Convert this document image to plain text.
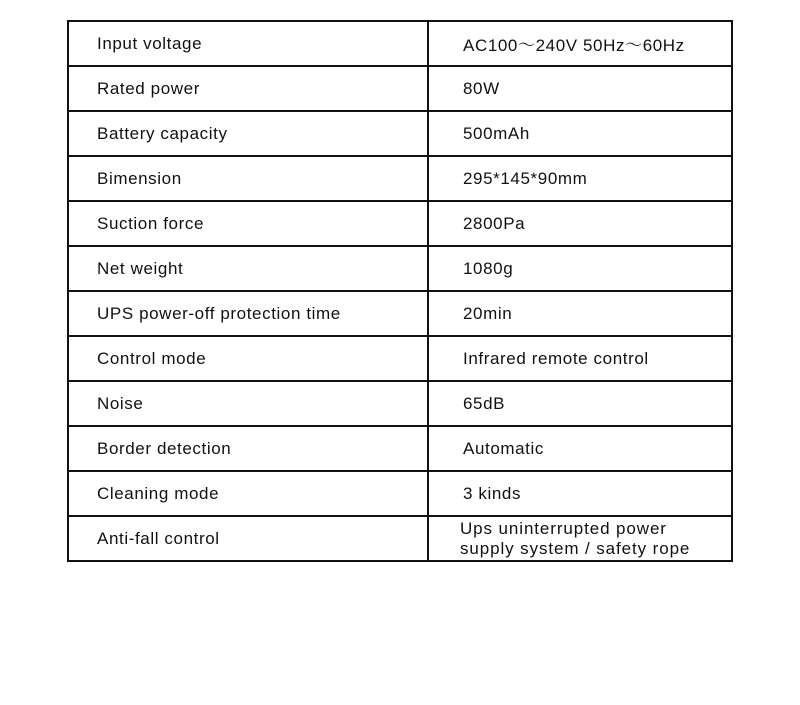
Input voltage	AC100～240V 50Hz～60Hz
Rated power	80W
Battery capacity	500mAh
Bimension	295*145*90mm
Suction force	2800Pa
Net weight	1080g
UPS power-off protection time	20min
Control mode	Infrared remote control
Noise	65dB
Border detection	Automatic
Cleaning mode	3 kinds
Anti-fall control	Ups uninterrupted power
supply system / safety rope
